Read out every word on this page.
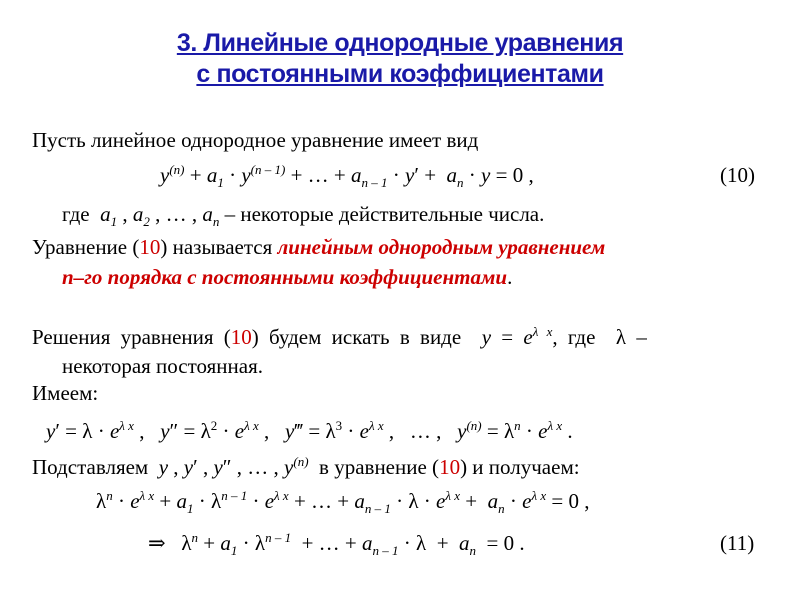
3. Линейные однородные уравнения
с постоянными коэффициентами
Пусть линейное однородное уравнение имеет вид
$y^{(n)} + a_1 \cdot y^{(n - 1)}$ + … + $a_{n - 1} \cdot y' + a_n \cdot y = 0$ ,	(10)
где  $a_1$ , $a_2$ , … , $a_n$ – некоторые действительные числа.
Уравнение (10) называется линейным однородным уравнением
n–го порядка с постоянными коэффициентами.
Решения уравнения (10) будем искать в виде  $y = e^{\lambda x}$, где  λ –
некоторая постоянная.
Имеем:
$y' = \lambda \cdot e^{\lambda x}$ ,   $y'' = \lambda^2 \cdot e^{\lambda x}$ ,   y‴ = $\lambda^3 \cdot e^{\lambda x}$ , … ,   $y^{(n)} = \lambda^n \cdot e^{\lambda x}$ .
Подставляем  y , y′ , y″ , … , $y^{(n)}$ в уравнение (10) и получаем:
$\lambda^n \cdot e^{\lambda x} + a_1 \cdot \lambda^{n - 1} \cdot e^{\lambda x}$ + … + $a_{n - 1} \cdot \lambda \cdot e^{\lambda x} + a_n \cdot e^{\lambda x} = 0$ ,
⇒ $\lambda^n + a_1 \cdot \lambda^{n - 1}$  + … + $a_{n - 1} \cdot \lambda + a_n = 0$ .	(11)
